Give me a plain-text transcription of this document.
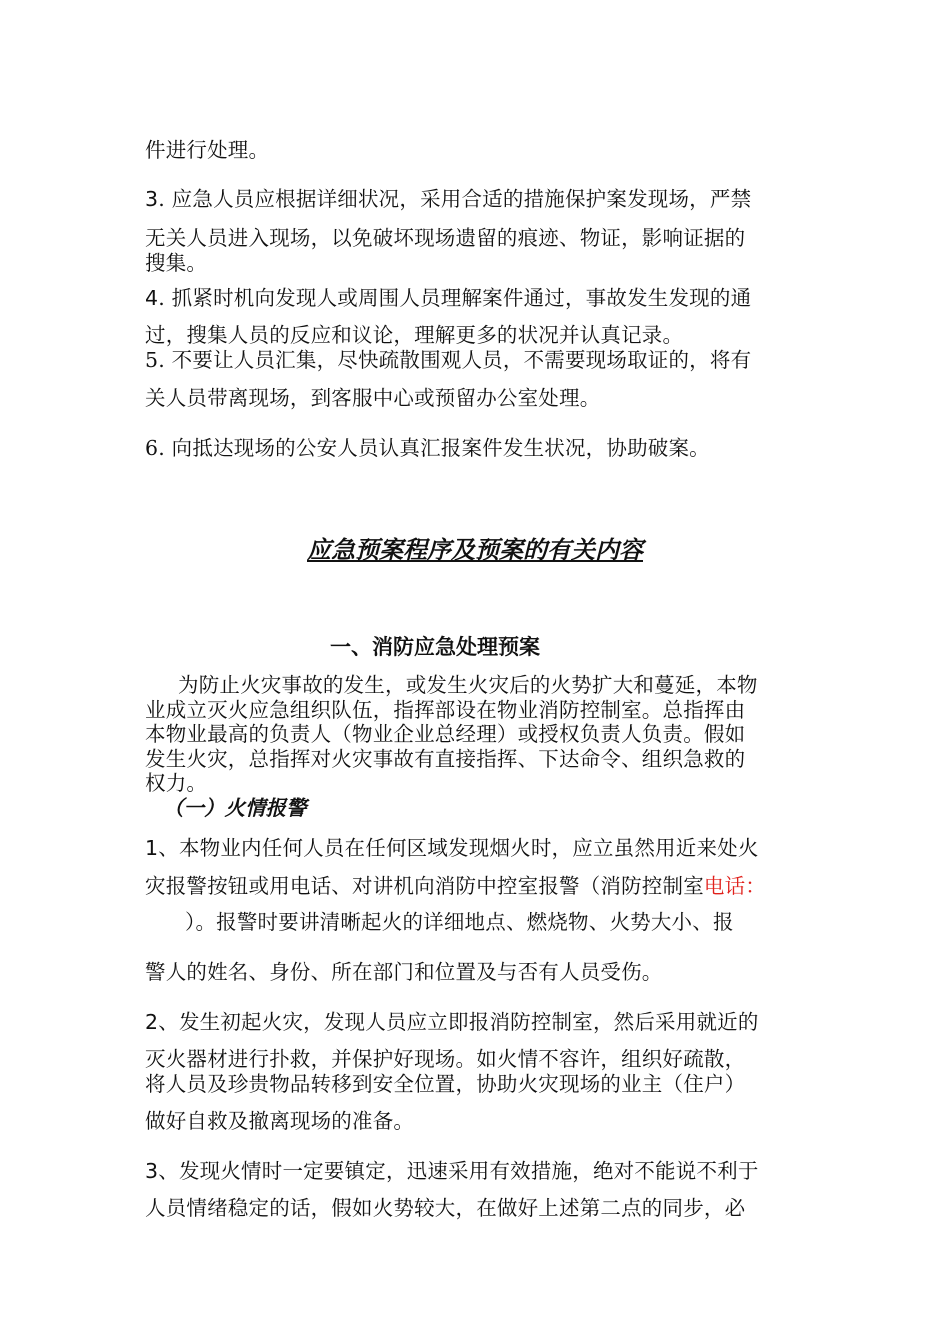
件进行处理。
3. 应急人员应根据详细状况，采用合适的措施保护案发现场，严禁
无关人员进入现场，以免破坏现场遗留的痕迹、物证，影响证据的
搜集。
4. 抓紧时机向发现人或周围人员理解案件通过，事故发生发现的通
过，搜集人员的反应和议论，理解更多的状况并认真记录。
5. 不要让人员汇集，尽快疏散围观人员，不需要现场取证的，将有
关人员带离现场，到客服中心或预留办公室处理。
6. 向抵达现场的公安人员认真汇报案件发生状况，协助破案。
应急预案程序及预案的有关内容
一、消防应急处理预案
为防止火灾事故的发生，或发生火灾后的火势扩大和蔓延，本物
业成立灭火应急组织队伍，指挥部设在物业消防控制室。总指挥由
本物业最高的负责人（物业企业总经理）或授权负责人负责。假如
发生火灾，总指挥对火灾事故有直接指挥、下达命令、组织急救的
权力。
（一）火情报警
1、本物业内任何人员在任何区域发现烟火时，应立虽然用近来处火
灾报警按钮或用电话、对讲机向消防中控室报警（消防控制室电话：
）。报警时要讲清晰起火的详细地点、燃烧物、火势大小、报
警人的姓名、身份、所在部门和位置及与否有人员受伤。
2、发生初起火灾，发现人员应立即报消防控制室，然后采用就近的
灭火器材进行扑救，并保护好现场。如火情不容许，组织好疏散，
将人员及珍贵物品转移到安全位置，协助火灾现场的业主（住户）
做好自救及撤离现场的准备。
3、发现火情时一定要镇定，迅速采用有效措施，绝对不能说不利于
人员情绪稳定的话，假如火势较大，在做好上述第二点的同步，必
